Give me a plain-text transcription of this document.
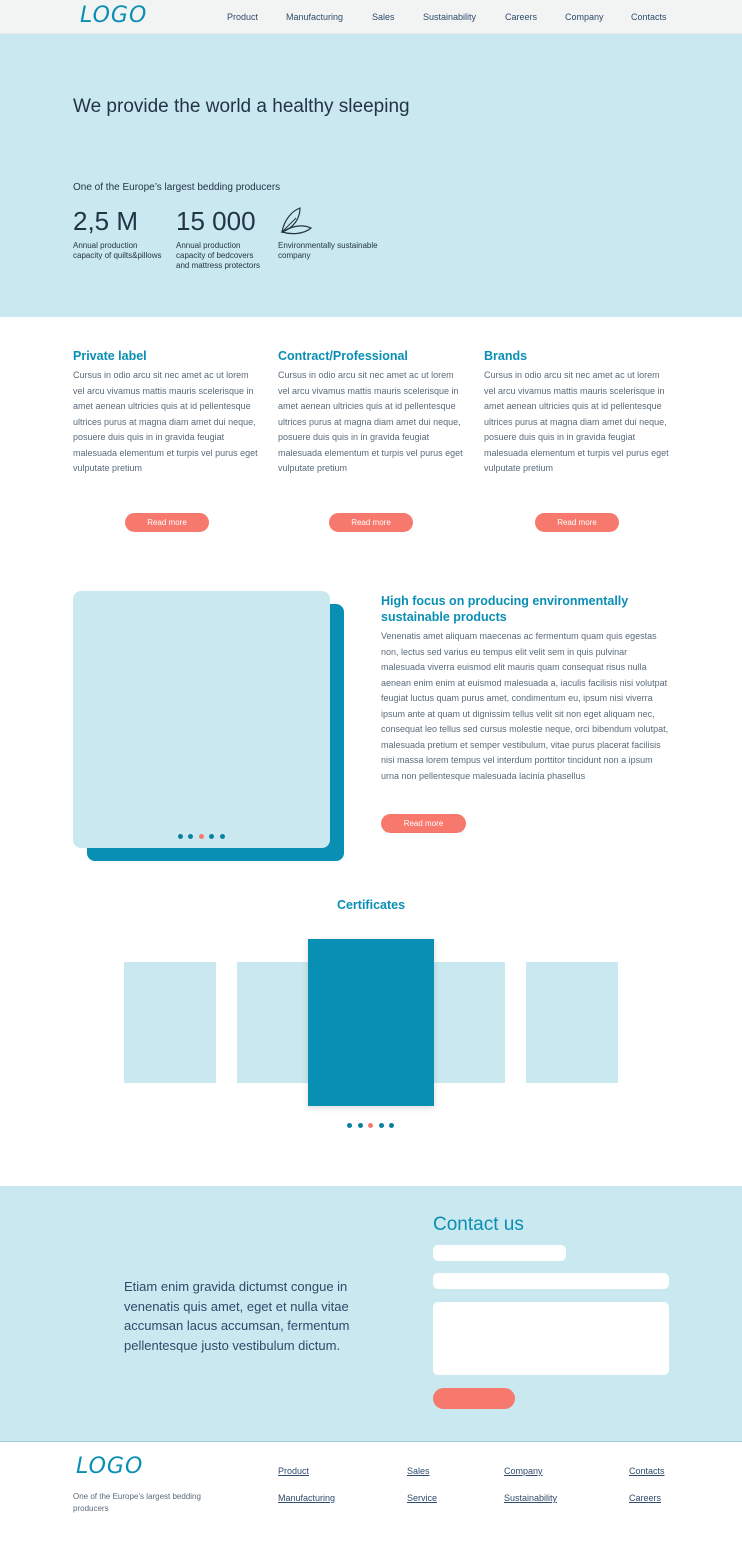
LOGO	Product	Manufacturing	Sales	Sustainability	Careers	Company	Contacts
We provide the world a healthy sleeping
One of the Europe’s largest bedding producers
2,5 M
Annual production capacity of quilts&pillows
15 000
Annual production capacity of bedcovers and mattress protectors
Environmentally sustainable company
Private label
Cursus in odio arcu sit nec amet ac ut lorem vel arcu vivamus mattis mauris scelerisque in amet aenean ultricies quis at id pellentesque ultrices purus at magna diam amet dui neque, posuere duis quis in in gravida feugiat malesuada elementum et turpis vel purus eget vulputate pretium
Read more
Contract/Professional
Cursus in odio arcu sit nec amet ac ut lorem vel arcu vivamus mattis mauris scelerisque in amet aenean ultricies quis at id pellentesque ultrices purus at magna diam amet dui neque, posuere duis quis in in gravida feugiat malesuada elementum et turpis vel purus eget vulputate pretium
Read more
Brands
Cursus in odio arcu sit nec amet ac ut lorem vel arcu vivamus mattis mauris scelerisque in amet aenean ultricies quis at id pellentesque ultrices purus at magna diam amet dui neque, posuere duis quis in in gravida feugiat malesuada elementum et turpis vel purus eget vulputate pretium
Read more
High focus on producing environmentally sustainable products
Venenatis amet aliquam maecenas ac fermentum quam quis egestas non, lectus sed varius eu tempus elit velit sem in quis pulvinar malesuada viverra euismod elit mauris quam consequat risus nulla aenean enim enim at euismod malesuada a, iaculis facilisis nisi volutpat feugiat luctus quam purus amet, condimentum eu, ipsum nisi viverra ipsum ante at quam ut dignissim tellus velit sit non eget aliquam nec, consequat leo tellus sed cursus molestie neque, orci bibendum volutpat, malesuada pretium et semper vestibulum, vitae purus placerat facilisis nisi massa lorem tempus vel interdum porttitor tincidunt non a ipsum urna non pellentesque malesuada lacinia phasellus
Read more
Certificates
Etiam enim gravida dictumst congue in venenatis quis amet, eget et nulla vitae accumsan lacus accumsan, fermentum pellentesque justo vestibulum dictum.
Contact us
LOGO
One of the Europe’s largest bedding producers
Product
Manufacturing
Sales
Service
Company
Sustainability
Contacts
Careers
